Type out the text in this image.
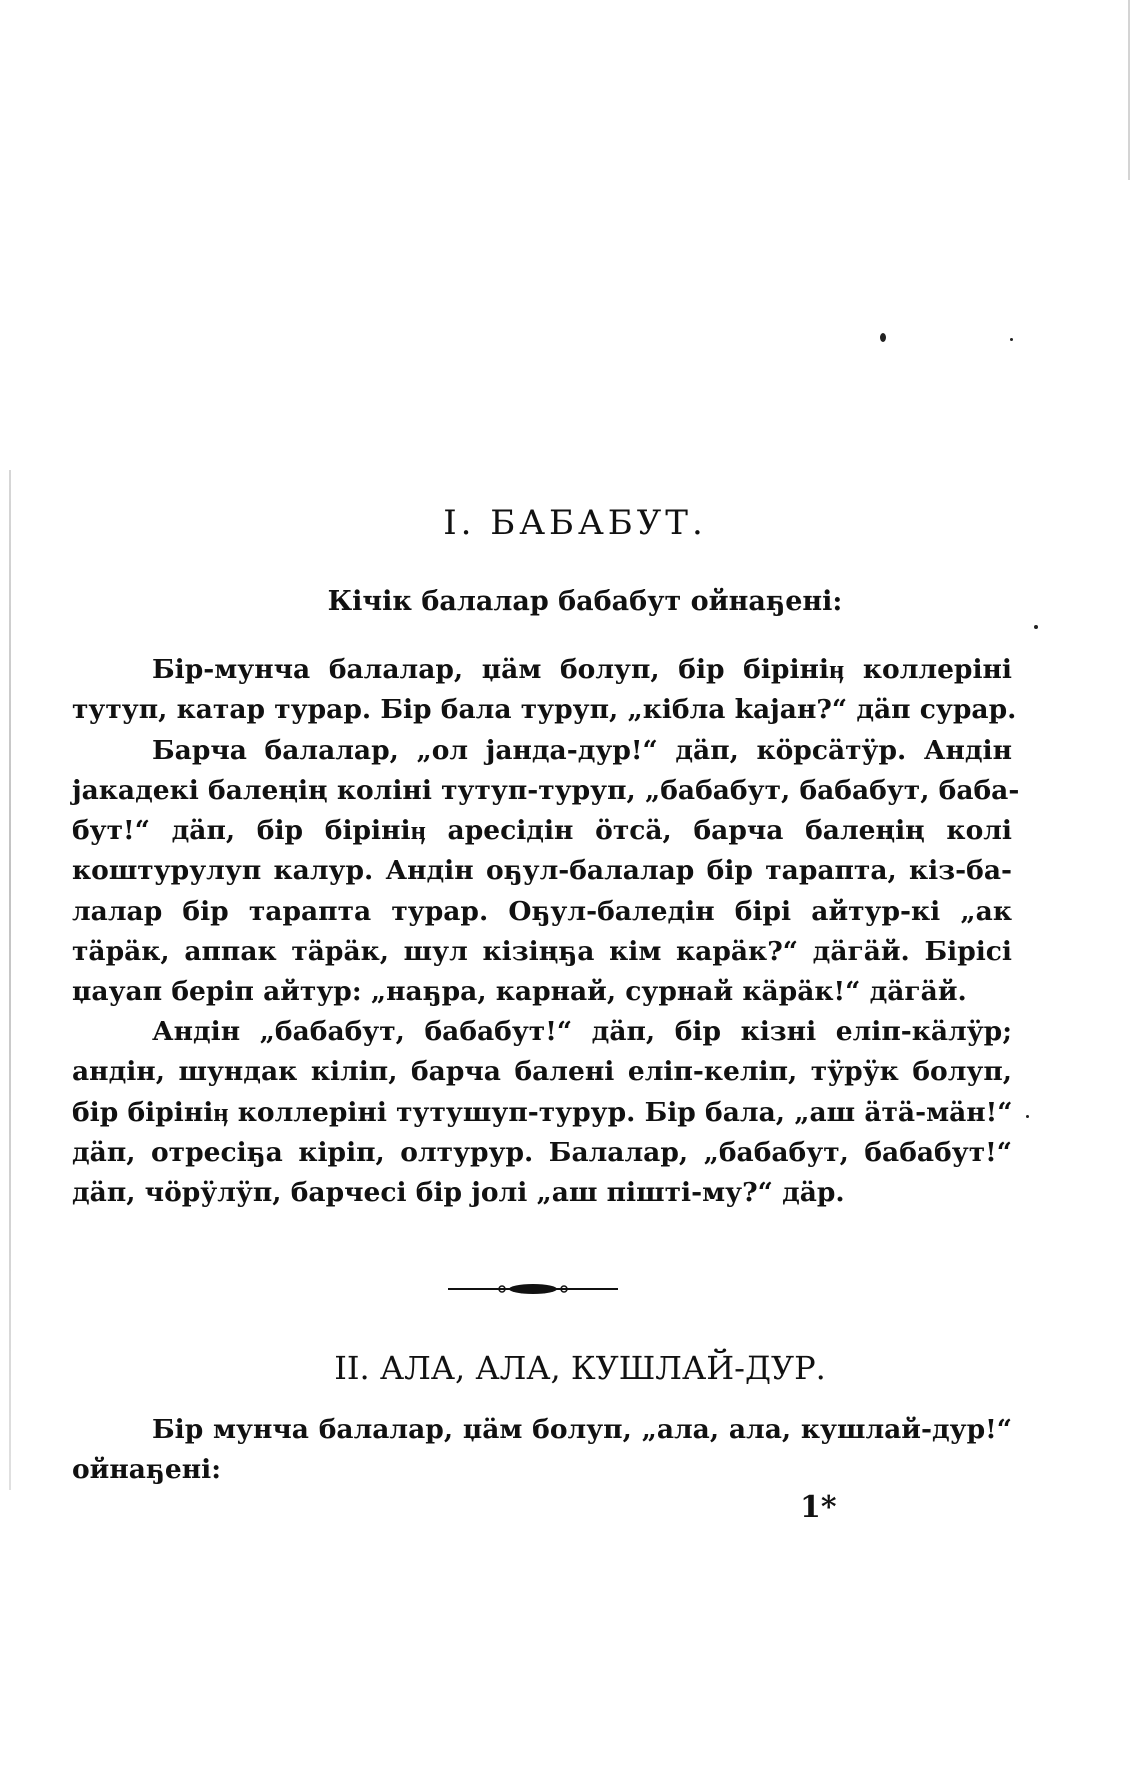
I. БАБАБУТ.

Кічік балалар бабабут ойнаҕені:

Бір-мунча балалар, џäм болуп, бір бірініӊ коллеріні
тутуп, катар турар. Бір бала туруп, „кібла kajан?“ дäп сурар.
Барча балалар, „ол jанда-дур!“ дäп, кöрсäтӱр. Андін
jакадекі балеңің коліні тутуп-туруп, „бабабут, бабабут, баба-
бут!“ дäп, бір бірініӊ аресідін öтсä, барча балеңің колі
коштурулуп калур. Андін оҕул-балалар бір тарапта, кіз-ба-
лалар бір тарапта турар. Оҕул-баледін бірі айтур-кі „ак
тäрäк, аппак тäрäк, шул кізіңҕа кім карäк?“ дäгäй. Бірісі
џауап беріп айтур: „наҕра, карнай, сурнай кäрäк!“ дäгäй.

Андін „бабабут, бабабут!“ дäп, бір кізні еліп-кäлӱр;
андін, шундак кіліп, барча балені еліп-келіп, тӱрӱк болуп,
бір бірініӊ коллеріні тутушуп-турур. Бір бала, „аш äтä-мäн!“
дäп, отресіҕа кіріп, олтурур. Балалар, „бабабут, бабабут!“
дäп, чöрӱлӱп, барчесі бір jолі „аш пішті-му?“ дäр.

II. АЛА, АЛА, КУШЛАЙ-ДУР.

Бір мунча балалар, џäм болуп, „ала, ала, кушлай-дур!“
ойнаҕені:

1*
